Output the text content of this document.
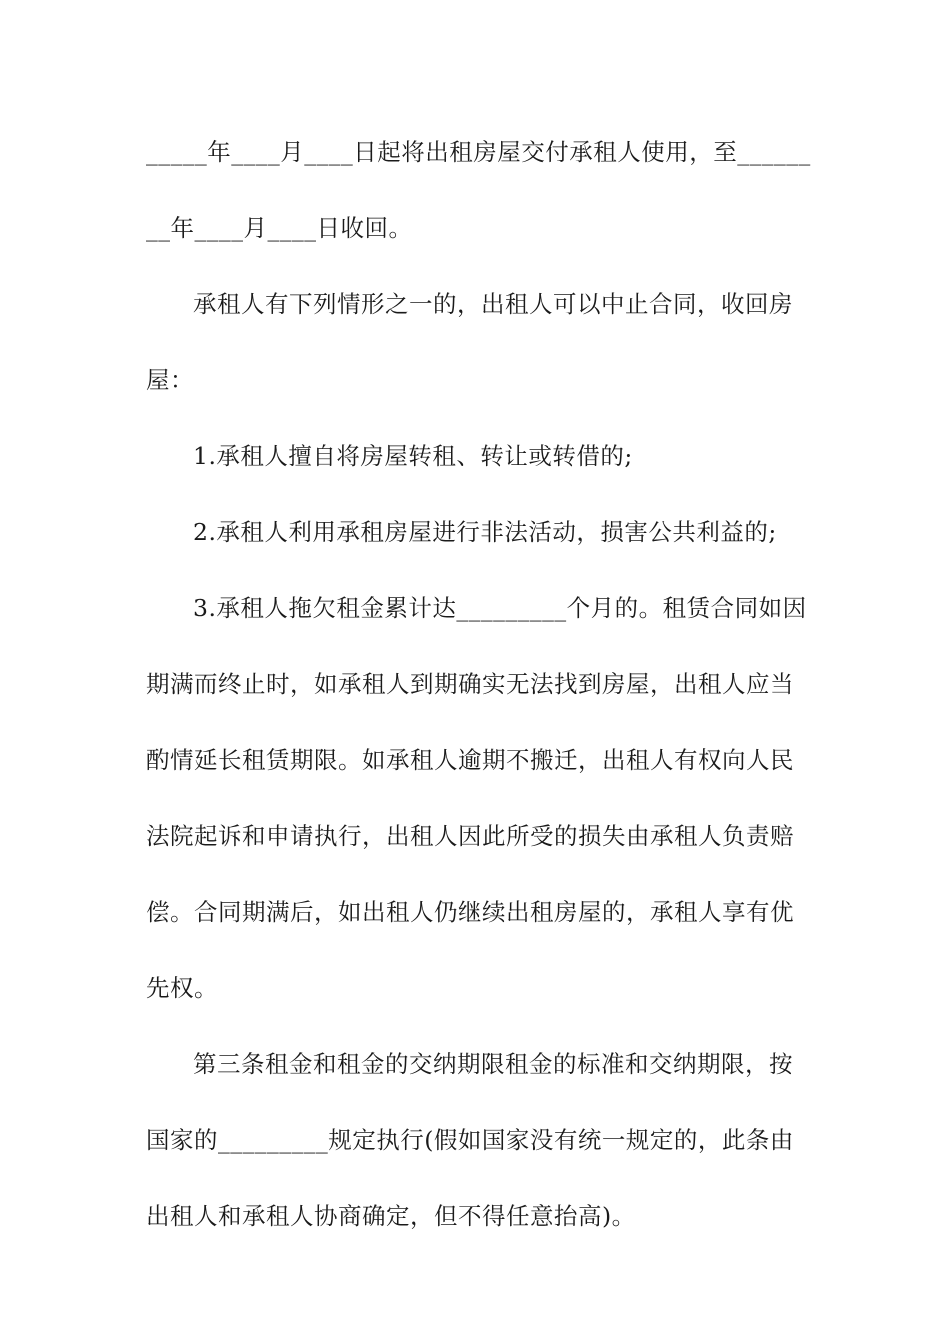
_____年____月____日起将出租房屋交付承租人使用，至______
__年____月____日收回。
承租人有下列情形之一的，出租人可以中止合同，收回房
屋：
1.承租人擅自将房屋转租、转让或转借的;
2.承租人利用承租房屋进行非法活动，损害公共利益的;
3.承租人拖欠租金累计达_________个月的。租赁合同如因
期满而终止时，如承租人到期确实无法找到房屋，出租人应当
酌情延长租赁期限。如承租人逾期不搬迁，出租人有权向人民
法院起诉和申请执行，出租人因此所受的损失由承租人负责赔
偿。合同期满后，如出租人仍继续出租房屋的，承租人享有优
先权。
第三条租金和租金的交纳期限租金的标准和交纳期限，按
国家的_________规定执行(假如国家没有统一规定的，此条由
出租人和承租人协商确定，但不得任意抬高)。
